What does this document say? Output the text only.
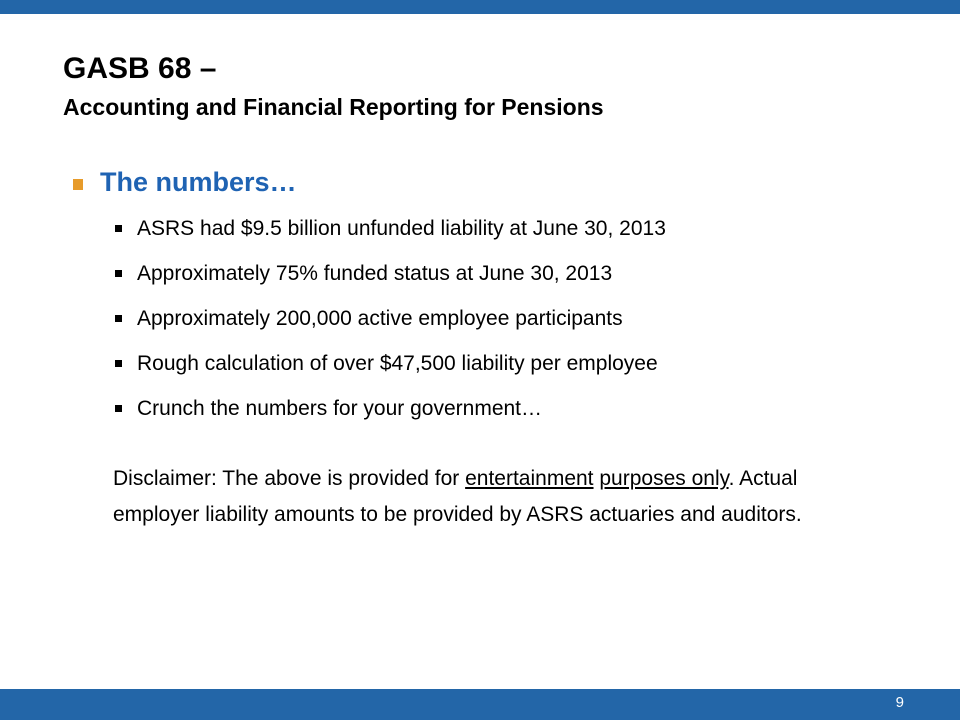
GASB 68 –
Accounting and Financial Reporting for Pensions
The numbers…
ASRS had $9.5 billion unfunded liability at June 30, 2013
Approximately 75% funded status at June 30, 2013
Approximately 200,000 active employee participants
Rough calculation of over $47,500 liability per employee
Crunch the numbers for your government…
Disclaimer: The above is provided for entertainment purposes only. Actual employer liability amounts to be provided by ASRS actuaries and auditors.
9
